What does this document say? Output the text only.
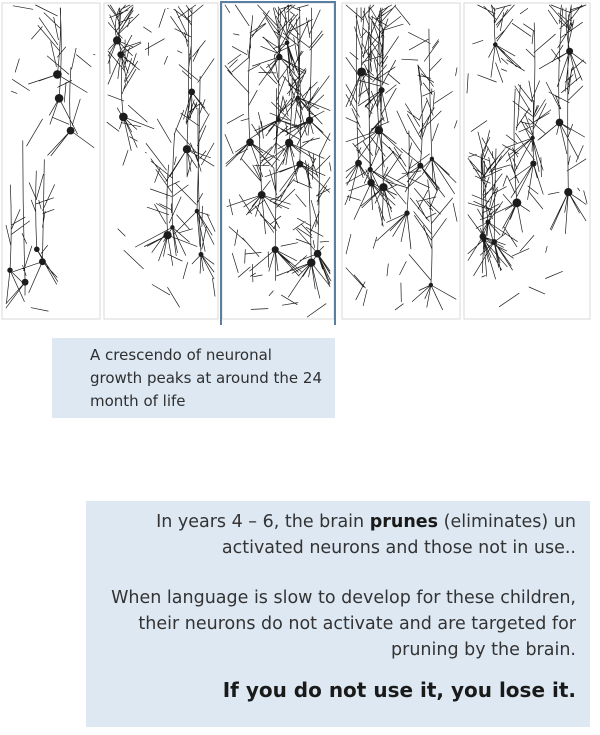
A crescendo of neuronal growth peaks at around the 24 month of life

In years 4 – 6, the brain prunes (eliminates) un activated neurons and those not in use..

When language is slow to develop for these children, their neurons do not activate and are targeted for pruning by the brain.

If you do not use it, you lose it.
